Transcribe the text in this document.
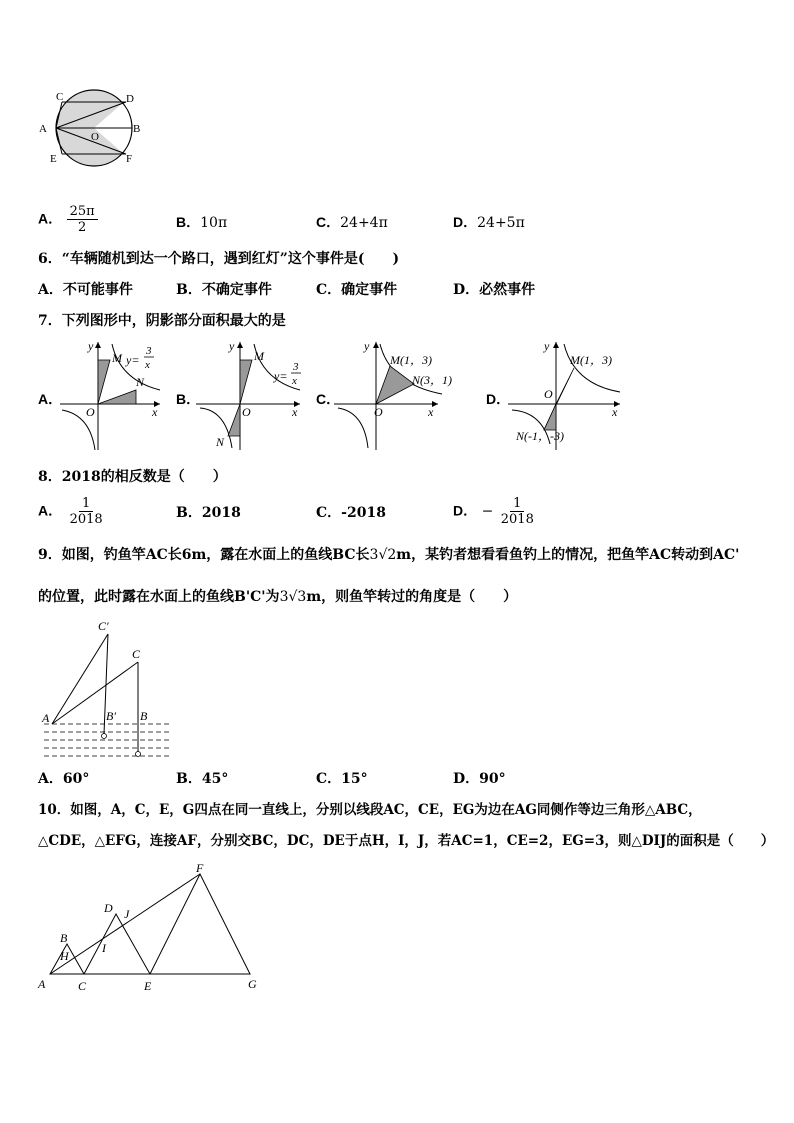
C	D
A
O
B
E	F
A． $\frac{25\pi}{2}$	B．10π	C．24+4π	D．24+5π
6．“车辆随机到达一个路口，遇到红灯”这个事件是(　　)
A．不可能事件	B．不确定事件	C．确定事件	D．必然事件
7．下列图形中，阴影部分面积最大的是
A．
y
M y=
3
x
N
O	x
B．
y
M
y=
3
x
O	x
N
C．
y
M(1，3)
N(3，1)
O	x
D．
y
M(1，3)
O
x
N(-1，-3)
8．2018的相反数是（　　）
A． $\frac{1}{2018}$	B．2018	C．-2018	D． − $\frac{1}{2018}$
9．如图，钓鱼竿AC长6m，露在水面上的鱼线BC长3√2m，某钓者想看看鱼钓上的情况，把鱼竿AC转动到AC'
的位置，此时露在水面上的鱼线B'C'为3√3m，则鱼竿转过的角度是（　　）
C′
C
A	B′ B
A．60°	B．45°	C．15°	D．90°
10．如图，A，C，E，G四点在同一直线上，分别以线段AC，CE，EG为边在AG同侧作等边三角形△ABC，
△CDE，△EFG，连接AF，分别交BC，DC，DE于点H，I，J，若AC=1，CE=2，EG=3，则△DIJ的面积是（　　）
F
D J
B
H
I
A	C	E	G
